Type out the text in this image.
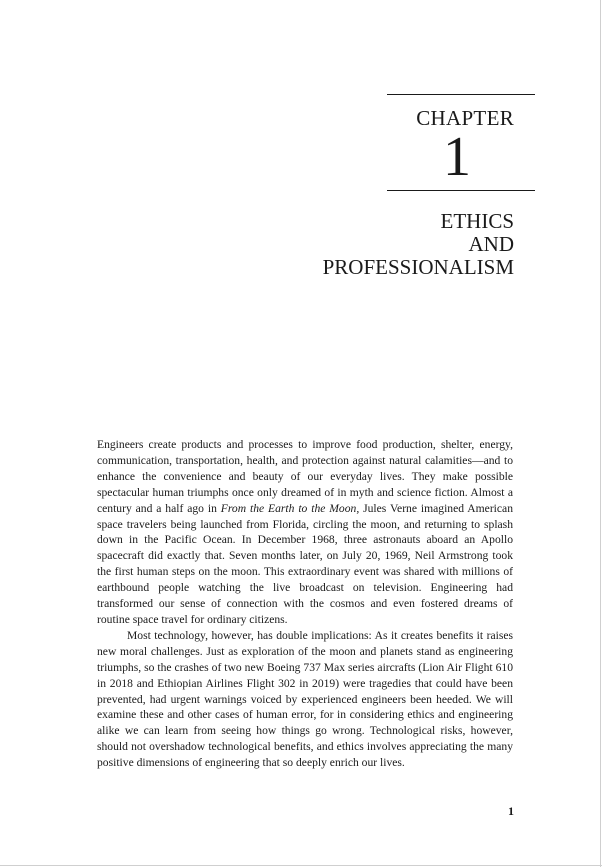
CHAPTER
1
ETHICS
AND
PROFESSIONALISM

Engineers create products and processes to improve food production, shelter, energy, communication, transportation, health, and protection against natural calamities—and to enhance the convenience and beauty of our everyday lives. They make possible spectacular human triumphs once only dreamed of in myth and science fiction. Almost a century and a half ago in From the Earth to the Moon, Jules Verne imagined American space travelers being launched from Florida, circling the moon, and returning to splash down in the Pacific Ocean. In December 1968, three astronauts aboard an Apollo spacecraft did exactly that. Seven months later, on July 20, 1969, Neil Armstrong took the first human steps on the moon. This extraordinary event was shared with millions of earthbound people watching the live broadcast on television. Engineering had transformed our sense of connection with the cosmos and even fostered dreams of routine space travel for ordinary citizens.

Most technology, however, has double implications: As it creates benefits it raises new moral challenges. Just as exploration of the moon and planets stand as engineering triumphs, so the crashes of two new Boeing 737 Max series aircrafts (Lion Air Flight 610 in 2018 and Ethiopian Airlines Flight 302 in 2019) were tragedies that could have been prevented, had urgent warnings voiced by experienced engineers been heeded. We will examine these and other cases of human error, for in considering ethics and engineering alike we can learn from seeing how things go wrong. Technological risks, however, should not overshadow technological benefits, and ethics involves appreciating the many positive dimensions of engineering that so deeply enrich our lives.

1
